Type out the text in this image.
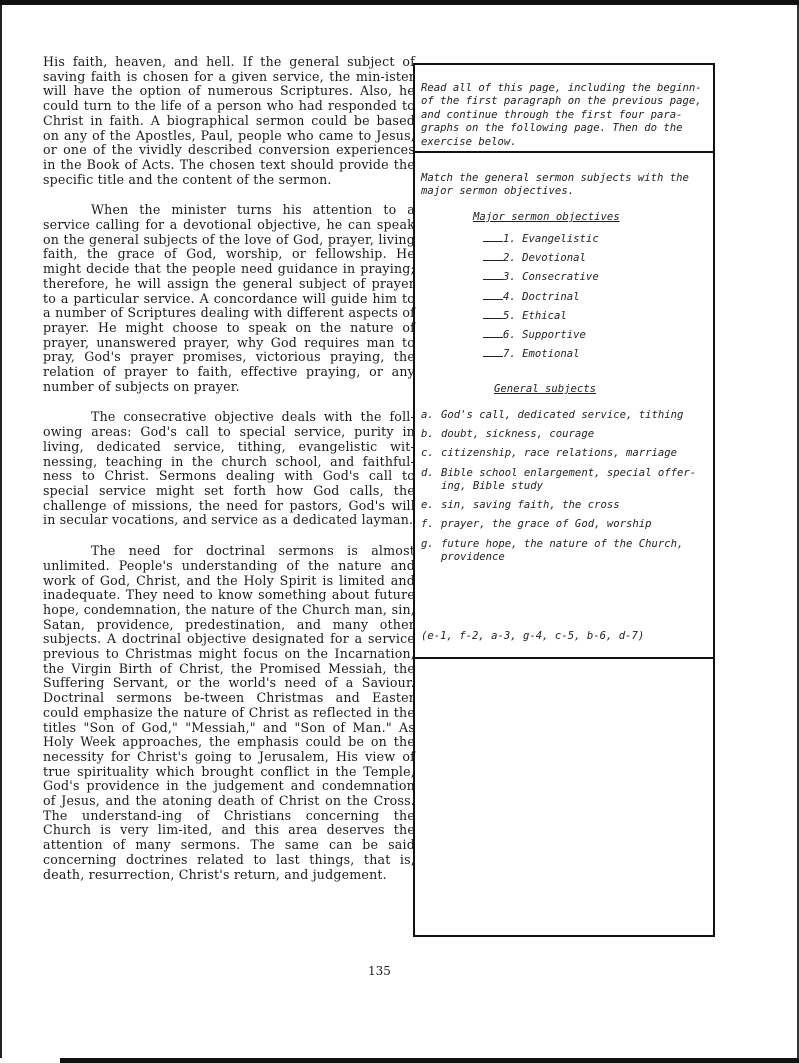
His faith, heaven, and hell. If the general subject of saving faith is chosen for a given service, the min-ister will have the option of numerous Scriptures. Also, he could turn to the life of a person who had responded to Christ in faith. A biographical sermon could be based on any of the Apostles, Paul, people who came to Jesus, or one of the vividly described conversion experiences in the Book of Acts. The chosen text should provide the specific title and the content of the sermon.

When the minister turns his attention to a service calling for a devotional objective, he can speak on the general subjects of the love of God, prayer, living faith, the grace of God, worship, or fellowship. He might decide that the people need guidance in praying; therefore, he will assign the general subject of prayer to a particular service. A concordance will guide him to a number of Scriptures dealing with different aspects of prayer. He might choose to speak on the nature of prayer, unanswered prayer, why God requires man to pray, God's prayer promises, victorious praying, the relation of prayer to faith, effective praying, or any number of subjects on prayer.

The consecrative objective deals with the foll-owing areas: God's call to special service, purity in living, dedicated service, tithing, evangelistic wit-nessing, teaching in the church school, and faithful-ness to Christ. Sermons dealing with God's call to special service might set forth how God calls, the challenge of missions, the need for pastors, God's will in secular vocations, and service as a dedicated layman.

The need for doctrinal sermons is almost unlimited. People's understanding of the nature and work of God, Christ, and the Holy Spirit is limited and inadequate. They need to know something about future hope, condemnation, the nature of the Church man, sin, Satan, providence, predestination, and many other subjects. A doctrinal objective designated for a service previous to Christmas might focus on the Incarnation, the Virgin Birth of Christ, the Promised Messiah, the Suffering Servant, or the world's need of a Saviour. Doctrinal sermons be-tween Christmas and Easter could emphasize the nature of Christ as reflected in the titles "Son of God," "Messiah," and "Son of Man." As Holy Week approaches, the emphasis could be on the necessity for Christ's going to Jerusalem, His view of true spirituality which brought conflict in the Temple, God's providence in the judgement and condemnation of Jesus, and the atoning death of Christ on the Cross. The understand-ing of Christians concerning the Church is very lim-ited, and this area deserves the attention of many sermons. The same can be said concerning doctrines related to last things, that is, death, resurrection, Christ's return, and judgement.

Read all of this page, including the beginn- of the first paragraph on the previous page, and continue through the first four para-graphs on the following page. Then do the exercise below.
Match the general sermon subjects with the major sermon objectives.
Major sermon objectives
1. Evangelistic
2. Devotional
3. Consecrative
4. Doctrinal
5. Ethical
6. Supportive
7. Emotional
General subjects
a. God's call, dedicated service, tithing
b. doubt, sickness, courage
c. citizenship, race relations, marriage
d. Bible school enlargement, special offer-ing, Bible study
e. sin, saving faith, the cross
f. prayer, the grace of God, worship
g. future hope, the nature of the Church, providence
(e-1, f-2, a-3, g-4, c-5, b-6, d-7)
135
